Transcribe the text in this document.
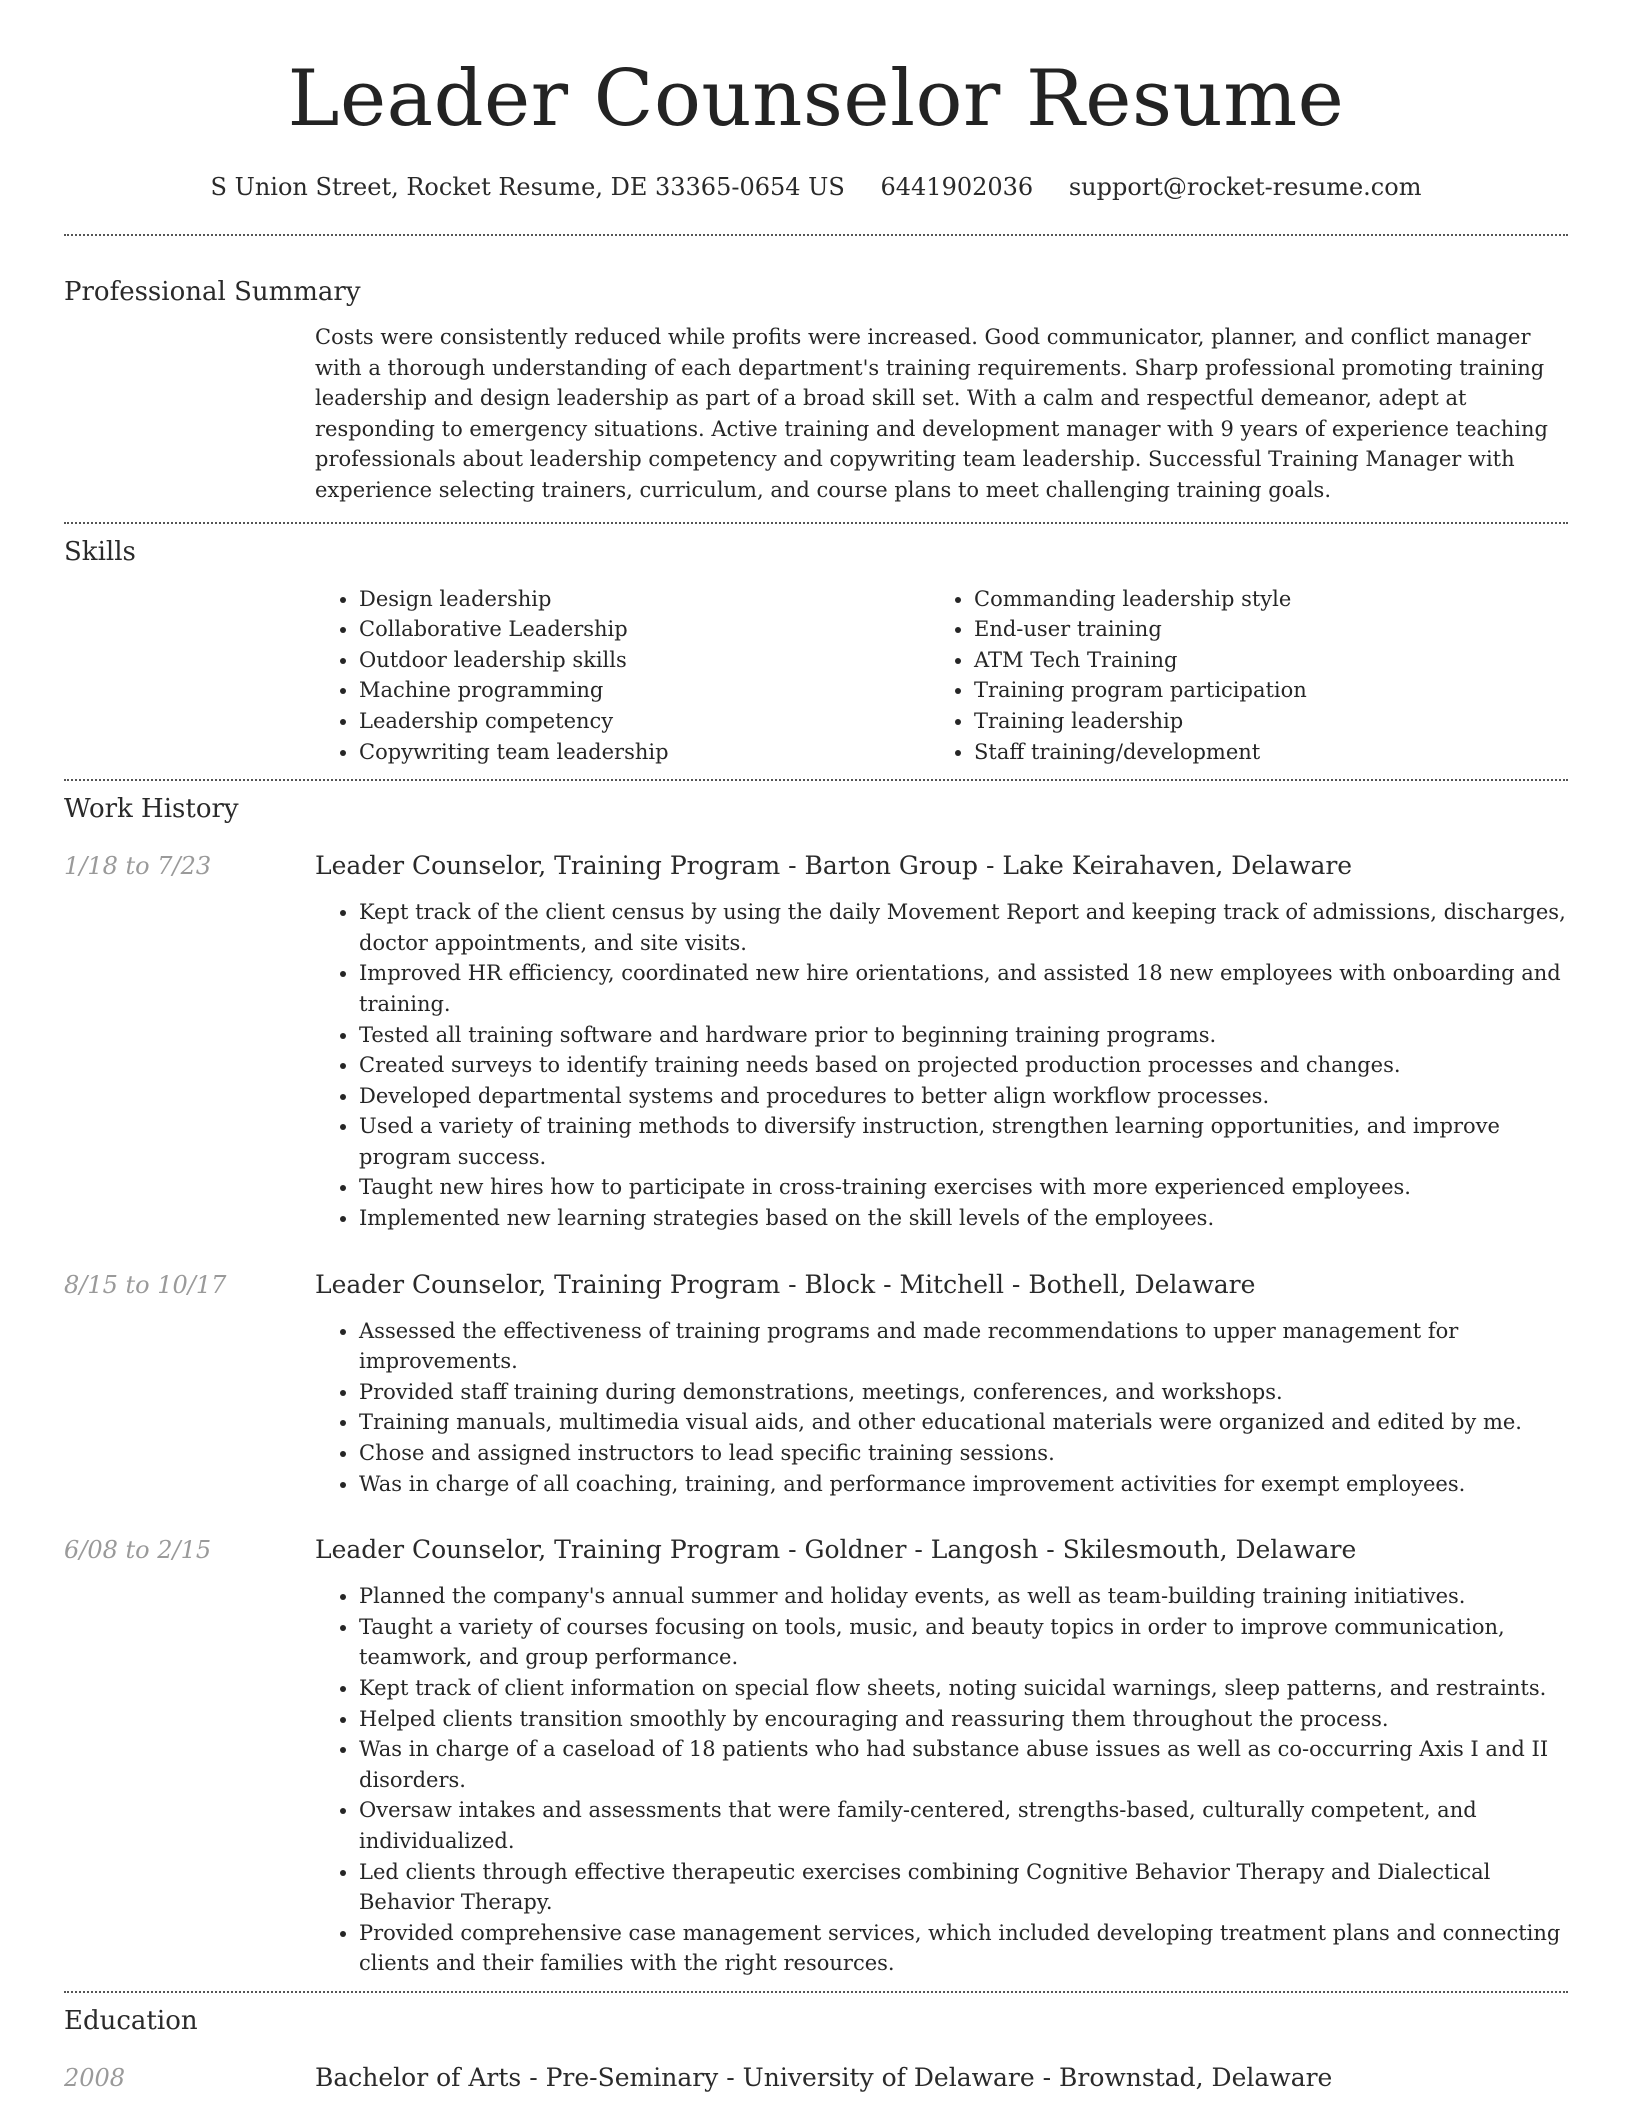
Leader Counselor Resume
S Union Street, Rocket Resume, DE 33365-0654 US 6441902036 support@rocket-resume.com
Professional Summary
Costs were consistently reduced while profits were increased. Good communicator, planner, and conflict manager with a thorough understanding of each department's training requirements. Sharp professional promoting training leadership and design leadership as part of a broad skill set. With a calm and respectful demeanor, adept at responding to emergency situations. Active training and development manager with 9 years of experience teaching professionals about leadership competency and copywriting team leadership. Successful Training Manager with experience selecting trainers, curriculum, and course plans to meet challenging training goals.
Skills
• Design leadership
• Collaborative Leadership
• Outdoor leadership skills
• Machine programming
• Leadership competency
• Copywriting team leadership
• Commanding leadership style
• End-user training
• ATM Tech Training
• Training program participation
• Training leadership
• Staff training/development
Work History
1/18 to 7/23	Leader Counselor, Training Program - Barton Group - Lake Keirahaven, Delaware
• Kept track of the client census by using the daily Movement Report and keeping track of admissions, discharges, doctor appointments, and site visits.
• Improved HR efficiency, coordinated new hire orientations, and assisted 18 new employees with onboarding and training.
• Tested all training software and hardware prior to beginning training programs.
• Created surveys to identify training needs based on projected production processes and changes.
• Developed departmental systems and procedures to better align workflow processes.
• Used a variety of training methods to diversify instruction, strengthen learning opportunities, and improve program success.
• Taught new hires how to participate in cross-training exercises with more experienced employees.
• Implemented new learning strategies based on the skill levels of the employees.
8/15 to 10/17	Leader Counselor, Training Program - Block - Mitchell - Bothell, Delaware
• Assessed the effectiveness of training programs and made recommendations to upper management for improvements.
• Provided staff training during demonstrations, meetings, conferences, and workshops.
• Training manuals, multimedia visual aids, and other educational materials were organized and edited by me.
• Chose and assigned instructors to lead specific training sessions.
• Was in charge of all coaching, training, and performance improvement activities for exempt employees.
6/08 to 2/15	Leader Counselor, Training Program - Goldner - Langosh - Skilesmouth, Delaware
• Planned the company's annual summer and holiday events, as well as team-building training initiatives.
• Taught a variety of courses focusing on tools, music, and beauty topics in order to improve communication, teamwork, and group performance.
• Kept track of client information on special flow sheets, noting suicidal warnings, sleep patterns, and restraints.
• Helped clients transition smoothly by encouraging and reassuring them throughout the process.
• Was in charge of a caseload of 18 patients who had substance abuse issues as well as co-occurring Axis I and II disorders.
• Oversaw intakes and assessments that were family-centered, strengths-based, culturally competent, and individualized.
• Led clients through effective therapeutic exercises combining Cognitive Behavior Therapy and Dialectical Behavior Therapy.
• Provided comprehensive case management services, which included developing treatment plans and connecting clients and their families with the right resources.
Education
2008	Bachelor of Arts - Pre-Seminary - University of Delaware - Brownstad, Delaware
